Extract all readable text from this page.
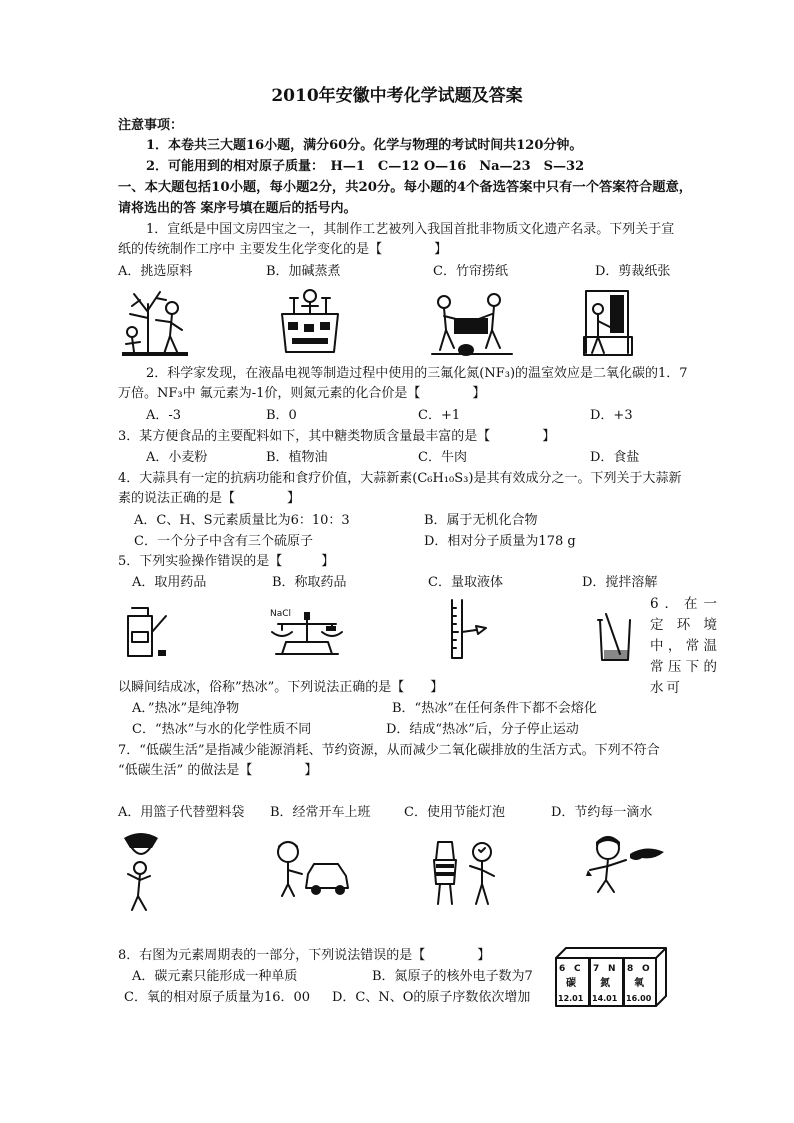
2010年安徽中考化学试题及答案
注意事项：
1．本卷共三大题16小题，满分60分。化学与物理的考试时间共120分钟。
2．可能用到的相对原子质量：　H—1　C—12 O—16　Na—23　S—32
一、本大题包括10小题，每小题2分，共20分。每小题的4个备选答案中只有一个答案符合题意，
请将选出的答 案序号填在题后的括号内。
1．宣纸是中国文房四宝之一，其制作工艺被列入我国首批非物质文化遗产名录。下列关于宣
纸的传统制作工序中 主要发生化学变化的是【　　　　】
A．挑选原料	B．加碱蒸煮	C．竹帘捞纸	D．剪裁纸张
2．科学家发现，在液晶电视等制造过程中使用的三氟化氮(NF₃)的温室效应是二氧化碳的1．7
万倍。NF₃中 氟元素为-1价，则氮元素的化合价是【　　　　】
A．-3	B．0	C．+1	D．+3
3．某方便食品的主要配料如下，其中糖类物质含量最丰富的是【　　　　】
A．小麦粉	B．植物油	C．牛肉	D．食盐
4．大蒜具有一定的抗病功能和食疗价值，大蒜新素(C₆H₁₀S₃)是其有效成分之一。下列关于大蒜新
素的说法正确的是【　　　　】
A．C、H、S元素质量比为6：10：3	B．属于无机化合物
C．一个分子中含有三个硫原子	D．相对分子质量为178 g
5．下列实验操作错误的是【　　　】
A．取用药品	B．称取药品	C．量取液体	D．搅拌溶解
NaCl
6．在一定环境中，常温常压下的水可
以瞬间结成冰，俗称”热冰”。下列说法正确的是【　　】
A．”热冰”是纯净物	B．“热冰”在任何条件下都不会熔化
C．“热冰”与水的化学性质不同	D．结成“热冰”后，分子停止运动
7．“低碳生活”是指减少能源消耗、节约资源，从而减少二氧化碳排放的生活方式。下列不符合
“低碳生活” 的做法是【　　　　】
A．用篮子代替塑料袋 B．经常开车上班	C．使用节能灯泡	D．节约每一滴水
8．右图为元素周期表的一部分，下列说法错误的是【　　　　】
A．碳元素只能形成一种单质	B．氮原子的核外电子数为7
C．氧的相对原子质量为16．00 D．C、N、O的原子序数依次增加
6 C
碳
12.01
7 N
氮
14.01
8 O
氧
16.00
